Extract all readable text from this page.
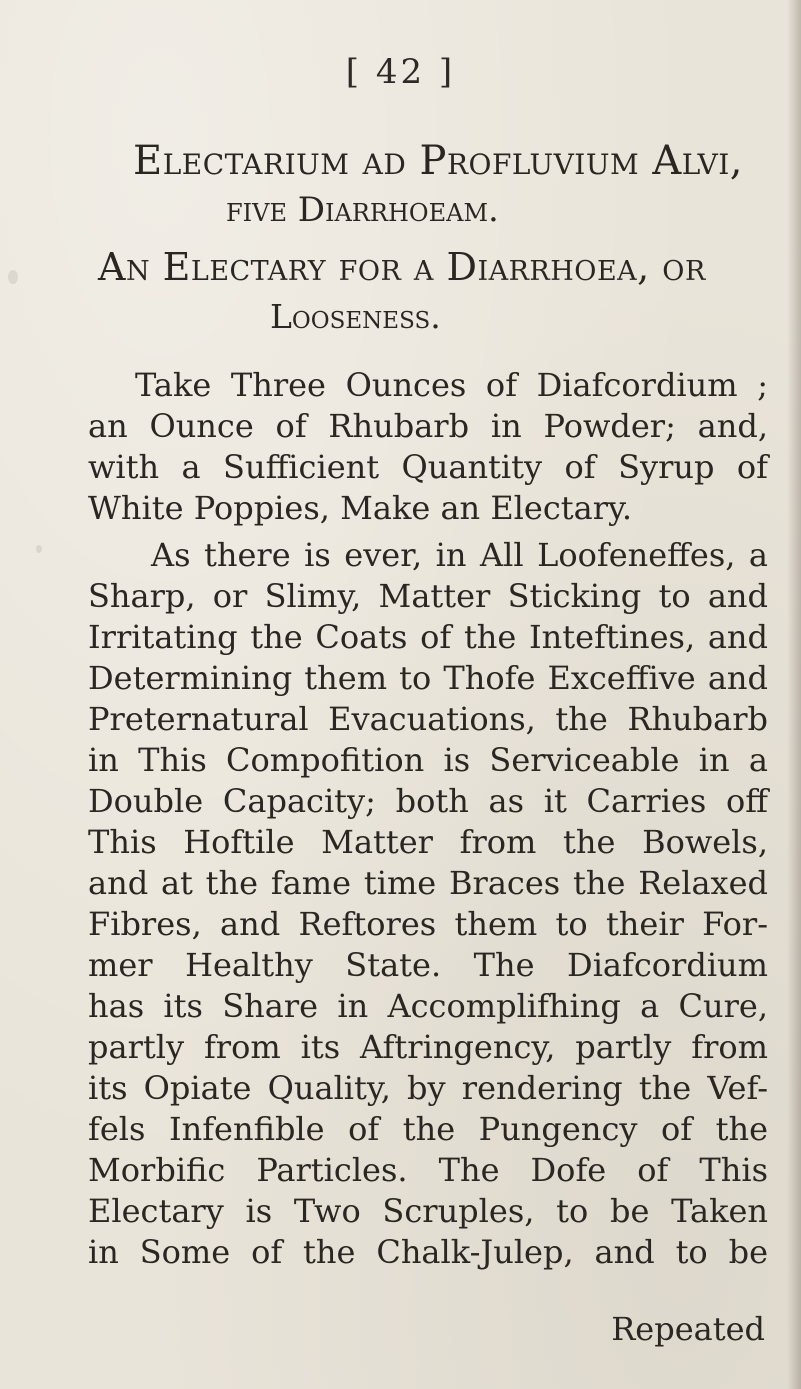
[ 42 ]
Electarium ad Profluvium Alvi,
five Diarrhoeam.
An Electary for a Diarrhoea, or
Looseness.
Take Three Ounces of Diafcordium ;
an Ounce of Rhubarb in Powder; and,
with a Sufficient Quantity of Syrup of
White Poppies, Make an Electary.
As there is ever, in All Loofeneffes, a
Sharp, or Slimy, Matter Sticking to and
Irritating the Coats of the Inteftines, and
Determining them to Thofe Exceffive and
Preternatural Evacuations, the Rhubarb
in This Compofition is Serviceable in a
Double Capacity; both as it Carries off
This Hoftile Matter from the Bowels,
and at the fame time Braces the Relaxed
Fibres, and Reftores them to their For-
mer Healthy State. The Diafcordium
has its Share in Accomplifhing a Cure,
partly from its Aftringency, partly from
its Opiate Quality, by rendering the Vef-
fels Infenfible of the Pungency of the
Morbific Particles. The Dofe of This
Electary is Two Scruples, to be Taken
in Some of the Chalk-Julep, and to be
Repeated
